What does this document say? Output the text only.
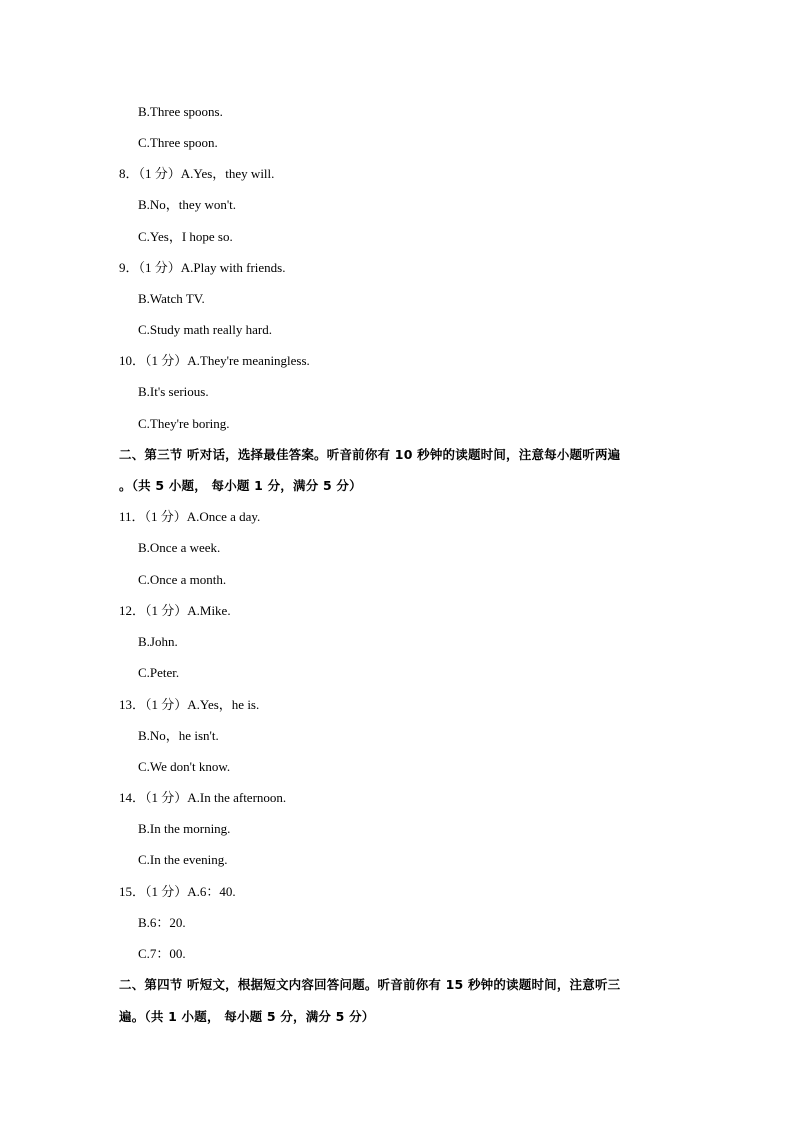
B.Three spoons.
C.Three spoon.
8．（1 分）A.Yes，they will.
B.No，they won't.
C.Yes，I hope so.
9．（1 分）A.Play with friends.
B.Watch TV.
C.Study math really hard.
10．（1 分）A.They're meaningless.
B.It's serious.
C.They're boring.
二、第三节 听对话，选择最佳答案。听音前你有 10 秒钟的读题时间，注意每小题听两遍
。（共 5 小题， 每小题 1 分，满分 5 分）
11．（1 分）A.Once a day.
B.Once a week.
C.Once a month.
12．（1 分）A.Mike.
B.John.
C.Peter.
13．（1 分）A.Yes，he is.
B.No，he isn't.
C.We don't know.
14．（1 分）A.In the afternoon.
B.In the morning.
C.In the evening.
15．（1 分）A.6：40.
B.6：20.
C.7：00.
二、第四节 听短文，根据短文内容回答问题。听音前你有 15 秒钟的读题时间，注意听三
遍。（共 1 小题， 每小题 5 分，满分 5 分）
